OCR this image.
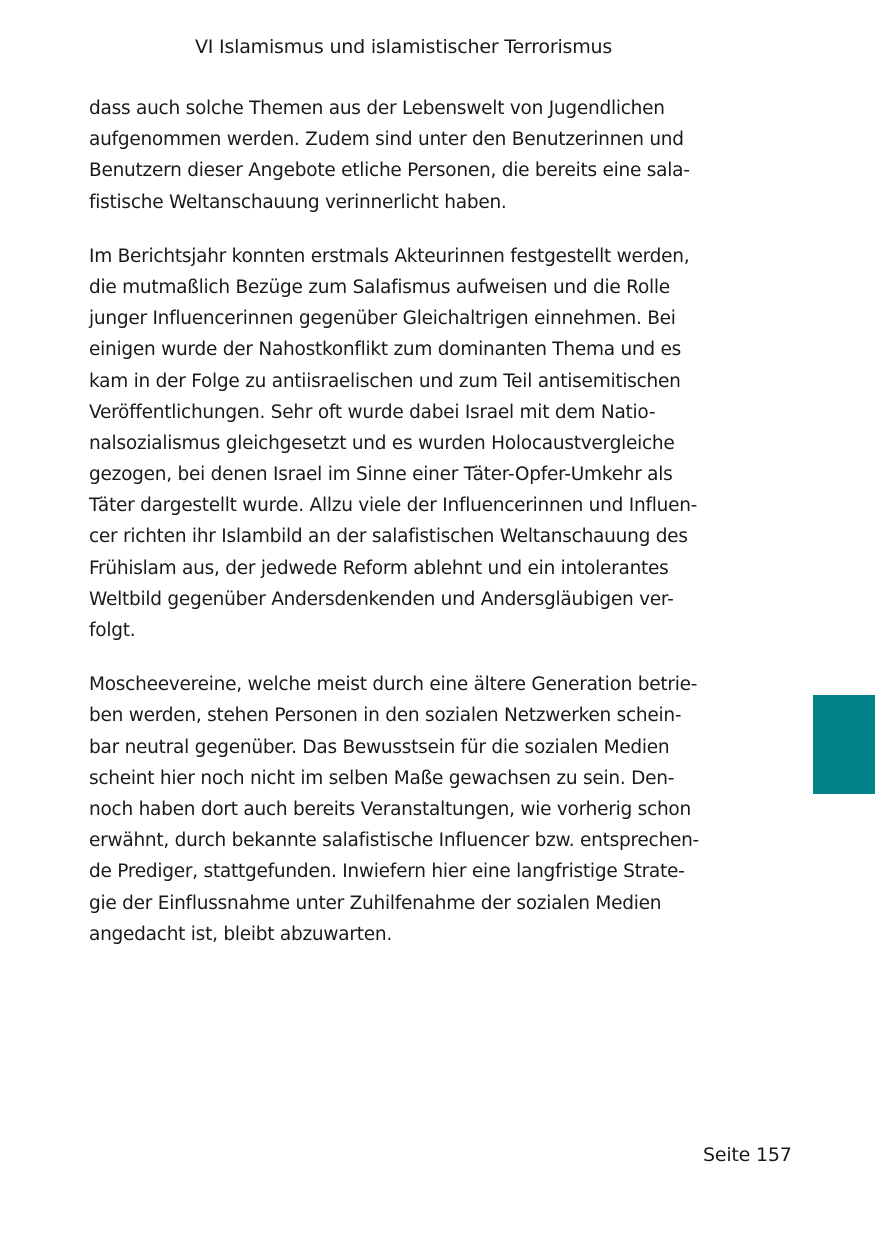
VI Islamismus und islamistischer Terrorismus

dass auch solche Themen aus der Lebenswelt von Jugendlichen
aufgenommen werden. Zudem sind unter den Benutzerinnen und
Benutzern dieser Angebote etliche Personen, die bereits eine sala-
fistische Weltanschauung verinnerlicht haben.

Im Berichtsjahr konnten erstmals Akteurinnen festgestellt werden,
die mutmaßlich Bezüge zum Salafismus aufweisen und die Rolle
junger Influencerinnen gegenüber Gleichaltrigen einnehmen. Bei
einigen wurde der Nahostkonflikt zum dominanten Thema und es
kam in der Folge zu antiisraelischen und zum Teil antisemitischen
Veröffentlichungen. Sehr oft wurde dabei Israel mit dem Natio-
nalsozialismus gleichgesetzt und es wurden Holocaustvergleiche
gezogen, bei denen Israel im Sinne einer Täter-Opfer-Umkehr als
Täter dargestellt wurde. Allzu viele der Influencerinnen und Influen-
cer richten ihr Islambild an der salafistischen Weltanschauung des
Frühislam aus, der jedwede Reform ablehnt und ein intolerantes
Weltbild gegenüber Andersdenkenden und Andersgläubigen ver-
folgt.

Moscheevereine, welche meist durch eine ältere Generation betrie-
ben werden, stehen Personen in den sozialen Netzwerken schein-
bar neutral gegenüber. Das Bewusstsein für die sozialen Medien
scheint hier noch nicht im selben Maße gewachsen zu sein. Den-
noch haben dort auch bereits Veranstaltungen, wie vorherig schon
erwähnt, durch bekannte salafistische Influencer bzw. entsprechen-
de Prediger, stattgefunden. Inwiefern hier eine langfristige Strate-
gie der Einflussnahme unter Zuhilfenahme der sozialen Medien
angedacht ist, bleibt abzuwarten.

Seite 157
